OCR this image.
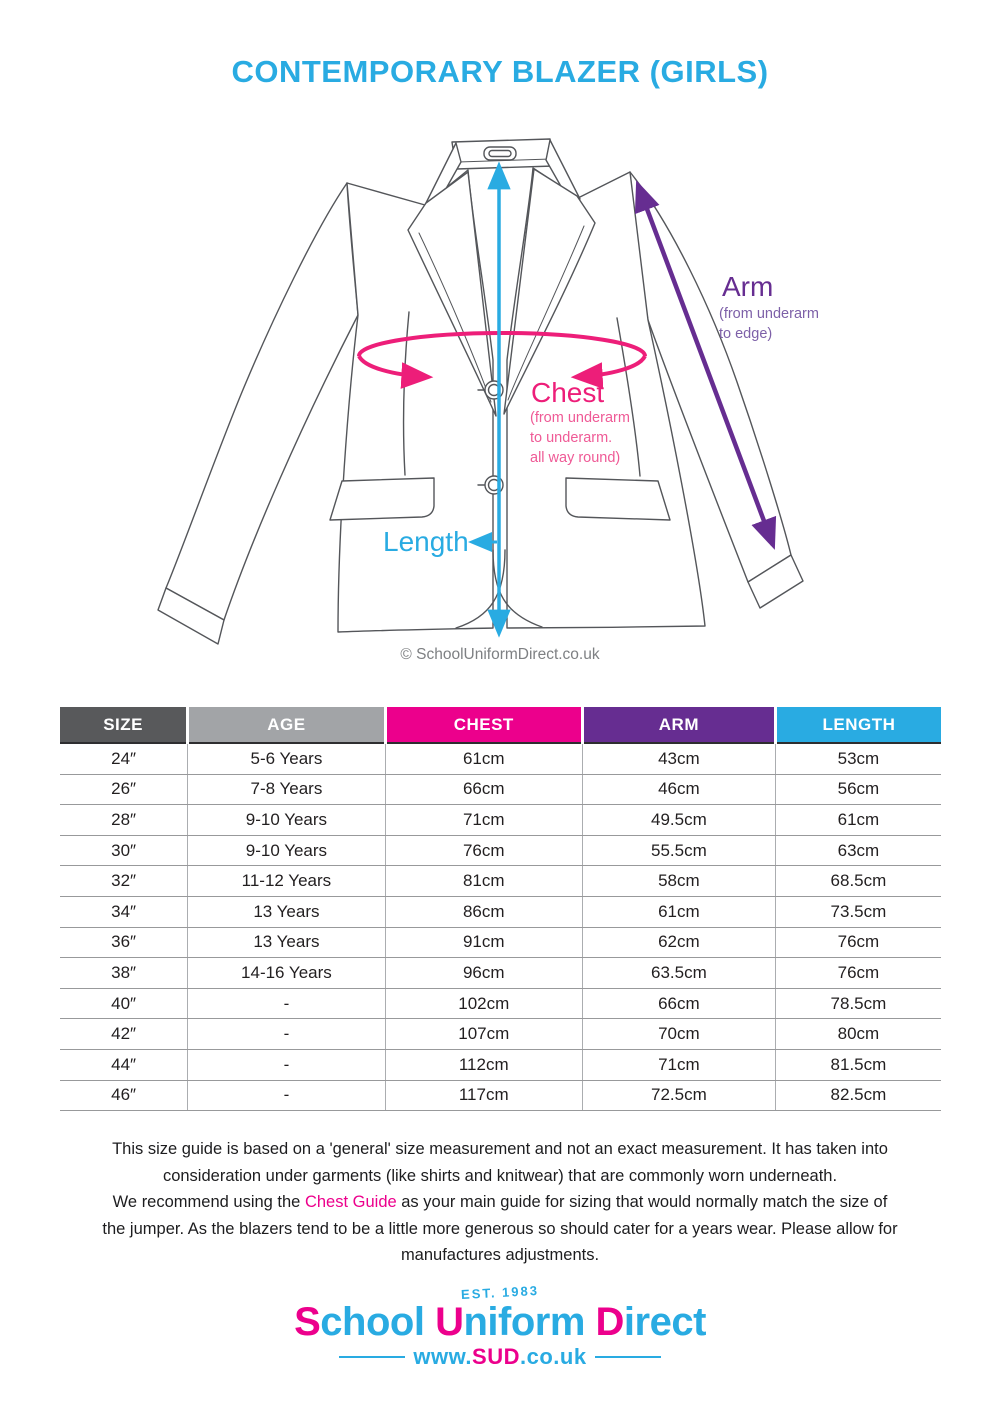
CONTEMPORARY BLAZER (GIRLS)
Arm
(from underarm
to edge)
Chest
(from underarm
to underarm.
all way round)
Length
© SchoolUniformDirect.co.uk
SIZE	AGE	CHEST	ARM	LENGTH
24″	5-6 Years	61cm	43cm	53cm
26″	7-8 Years	66cm	46cm	56cm
28″	9-10 Years	71cm	49.5cm	61cm
30″	9-10 Years	76cm	55.5cm	63cm
32″	11-12 Years	81cm	58cm	68.5cm
34″	13 Years	86cm	61cm	73.5cm
36″	13 Years	91cm	62cm	76cm
38″	14-16 Years	96cm	63.5cm	76cm
40″	-	102cm	66cm	78.5cm
42″	-	107cm	70cm	80cm
44″	-	112cm	71cm	81.5cm
46″	-	117cm	72.5cm	82.5cm
This size guide is based on a 'general' size measurement and not an exact measurement. It has taken into
consideration under garments (like shirts and knitwear) that are commonly worn underneath.
We recommend using the Chest Guide as your main guide for sizing that would normally match the size of
the jumper. As the blazers tend to be a little more generous so should cater for a years wear. Please allow for
manufactures adjustments.
EST. 1983
School Uniform Direct
www.SUD.co.uk
